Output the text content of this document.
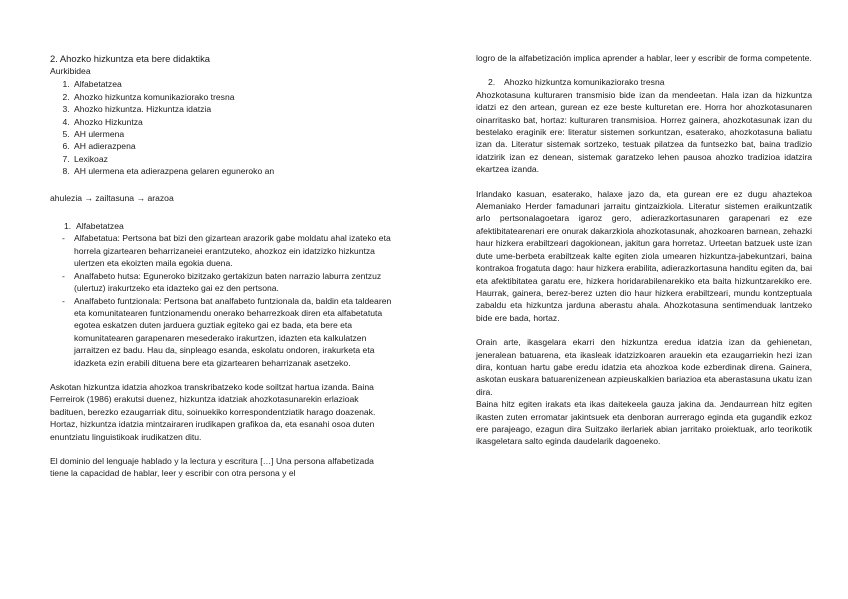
2. Ahozko hizkuntza eta bere didaktika

Aurkibidea

1. Alfabetatzea
2. Ahozko hizkuntza komunikaziorako tresna
3. Ahozko hizkuntza. Hizkuntza idatzia
4. Ahozko Hizkuntza
5. AH ulermena
6. AH adierazpena
7. Lexikoaz
8. AH ulermena eta adierazpena gelaren eguneroko an

ahulezia → zailtasuna → arazoa

1. Alfabetatzea

- Alfabetatua: Pertsona bat bizi den gizartean arazorik gabe moldatu ahal izateko eta horrela gizartearen beharrizaneiei erantzuteko, ahozkoz ein idatzizko hizkuntza ulertzen eta ekoizten maila egokia duena.
- Analfabeto hutsa: Eguneroko bizitzako gertakizun baten narrazio laburra zentzuz (ulertuz) irakurtzeko eta idazteko gai ez den pertsona.
- Analfabeto funtzionala: Pertsona bat analfabeto funtzionala da, baldin eta taldearen eta komunitatearen funtzionamendu onerako beharrezkoak diren eta alfabetatuta egotea eskatzen duten jarduera guztiak egiteko gai ez bada, eta bere eta komunitatearen garapenaren mesederako irakurtzen, idazten eta kalkulatzen jarraitzen ez badu. Hau da, sinpleago esanda, eskolatu ondoren, irakurketa eta idazketa ezin erabili dituena bere eta gizartearen beharrizanak asetzeko.

Askotan hizkuntza idatzia ahozkoa transkribatzeko kode soiltzat hartua izanda. Baina Ferreirok (1986) erakutsi duenez, hizkuntza idatziak ahozkotasunarekin erlazioak badituen, berezko ezaugarriak ditu, soinuekiko korrespondentziatik harago doazenak. Hortaz, hizkuntza idatzia mintzairaren irudikapen grafikoa da, eta esanahi osoa duten enuntziatu linguistikoak irudikatzen ditu.

El dominio del lenguaje hablado y la lectura y escritura […] Una persona alfabetizada tiene la capacidad de hablar, leer y escribir con otra persona y el

logro de la alfabetización implica aprender a hablar, leer y escribir de forma competente.

2. Ahozko hizkuntza komunikaziorako tresna

Ahozkotasuna kulturaren transmisio bide izan da mendeetan. Hala izan da hizkuntza idatzi ez den artean, gurean ez eze beste kulturetan ere. Horra hor ahozkotasunaren oinarritasko bat, hortaz: kulturaren transmisioa. Horrez gainera, ahozkotasunak izan du bestelako eraginik ere: literatur sistemen sorkuntzan, esaterako, ahozkotasuna baliatu izan da. Literatur sistemak sortzeko, testuak pilatzea da funtsezko bat, baina tradizio idatzirik izan ez denean, sistemak garatzeko lehen pausoa ahozko tradizioa idatzira ekartzea izanda.

Irlandako kasuan, esaterako, halaxe jazo da, eta gurean ere ez dugu ahaztekoa Alemaniako Herder famadunari jarraitu gintzaizkiola. Literatur sistemen eraikuntzatik arlo pertsonalagoetara igaroz gero, adierazkortasunaren garapenari ez eze afektibitatearenari ere onurak dakarzkiola ahozkotasunak, ahozkoaren barnean, zehazki haur hizkera erabiltzeari dagokionean, jakitun gara horretaz. Urteetan batzuek uste izan dute ume-berbeta erabiltzeak kalte egiten ziola umearen hizkuntza-jabekuntzari, baina kontrakoa frogatuta dago: haur hizkera erabilita, adierazkortasuna handitu egiten da, bai eta afektibitatea garatu ere, hizkera horidarabilenarekiko eta baita hizkuntzarekiko ere. Haurrak, gainera, berez-berez uzten dio haur hizkera erabiltzeari, mundu kontzeptuala zabaldu eta hizkuntza jarduna aberastu ahala. Ahozkotasuna sentimenduak lantzeko bide ere bada, hortaz.

Orain arte, ikasgelara ekarri den hizkuntza eredua idatzia izan da gehienetan, jeneralean batuarena, eta ikasleak idatzizkoaren arauekin eta ezaugarriekin hezi izan dira, kontuan hartu gabe eredu idatzia eta ahozkoa kode ezberdinak direna. Gainera, askotan euskara batuarenizenean azpieuskalkien bariazioa eta aberastasuna ukatu izan dira.

Baina hitz egiten irakats eta ikas daitekeela gauza jakina da. Jendaurrean hitz egiten ikasten zuten erromatar jakintsuek eta denboran aurrerago eginda eta gugandik ezkoz ere parajeago, ezagun dira Suitzako ilerlariek abian jarritako proiektuak, arlo teorikotik ikasgeletara salto eginda daudelarik dagoeneko.
